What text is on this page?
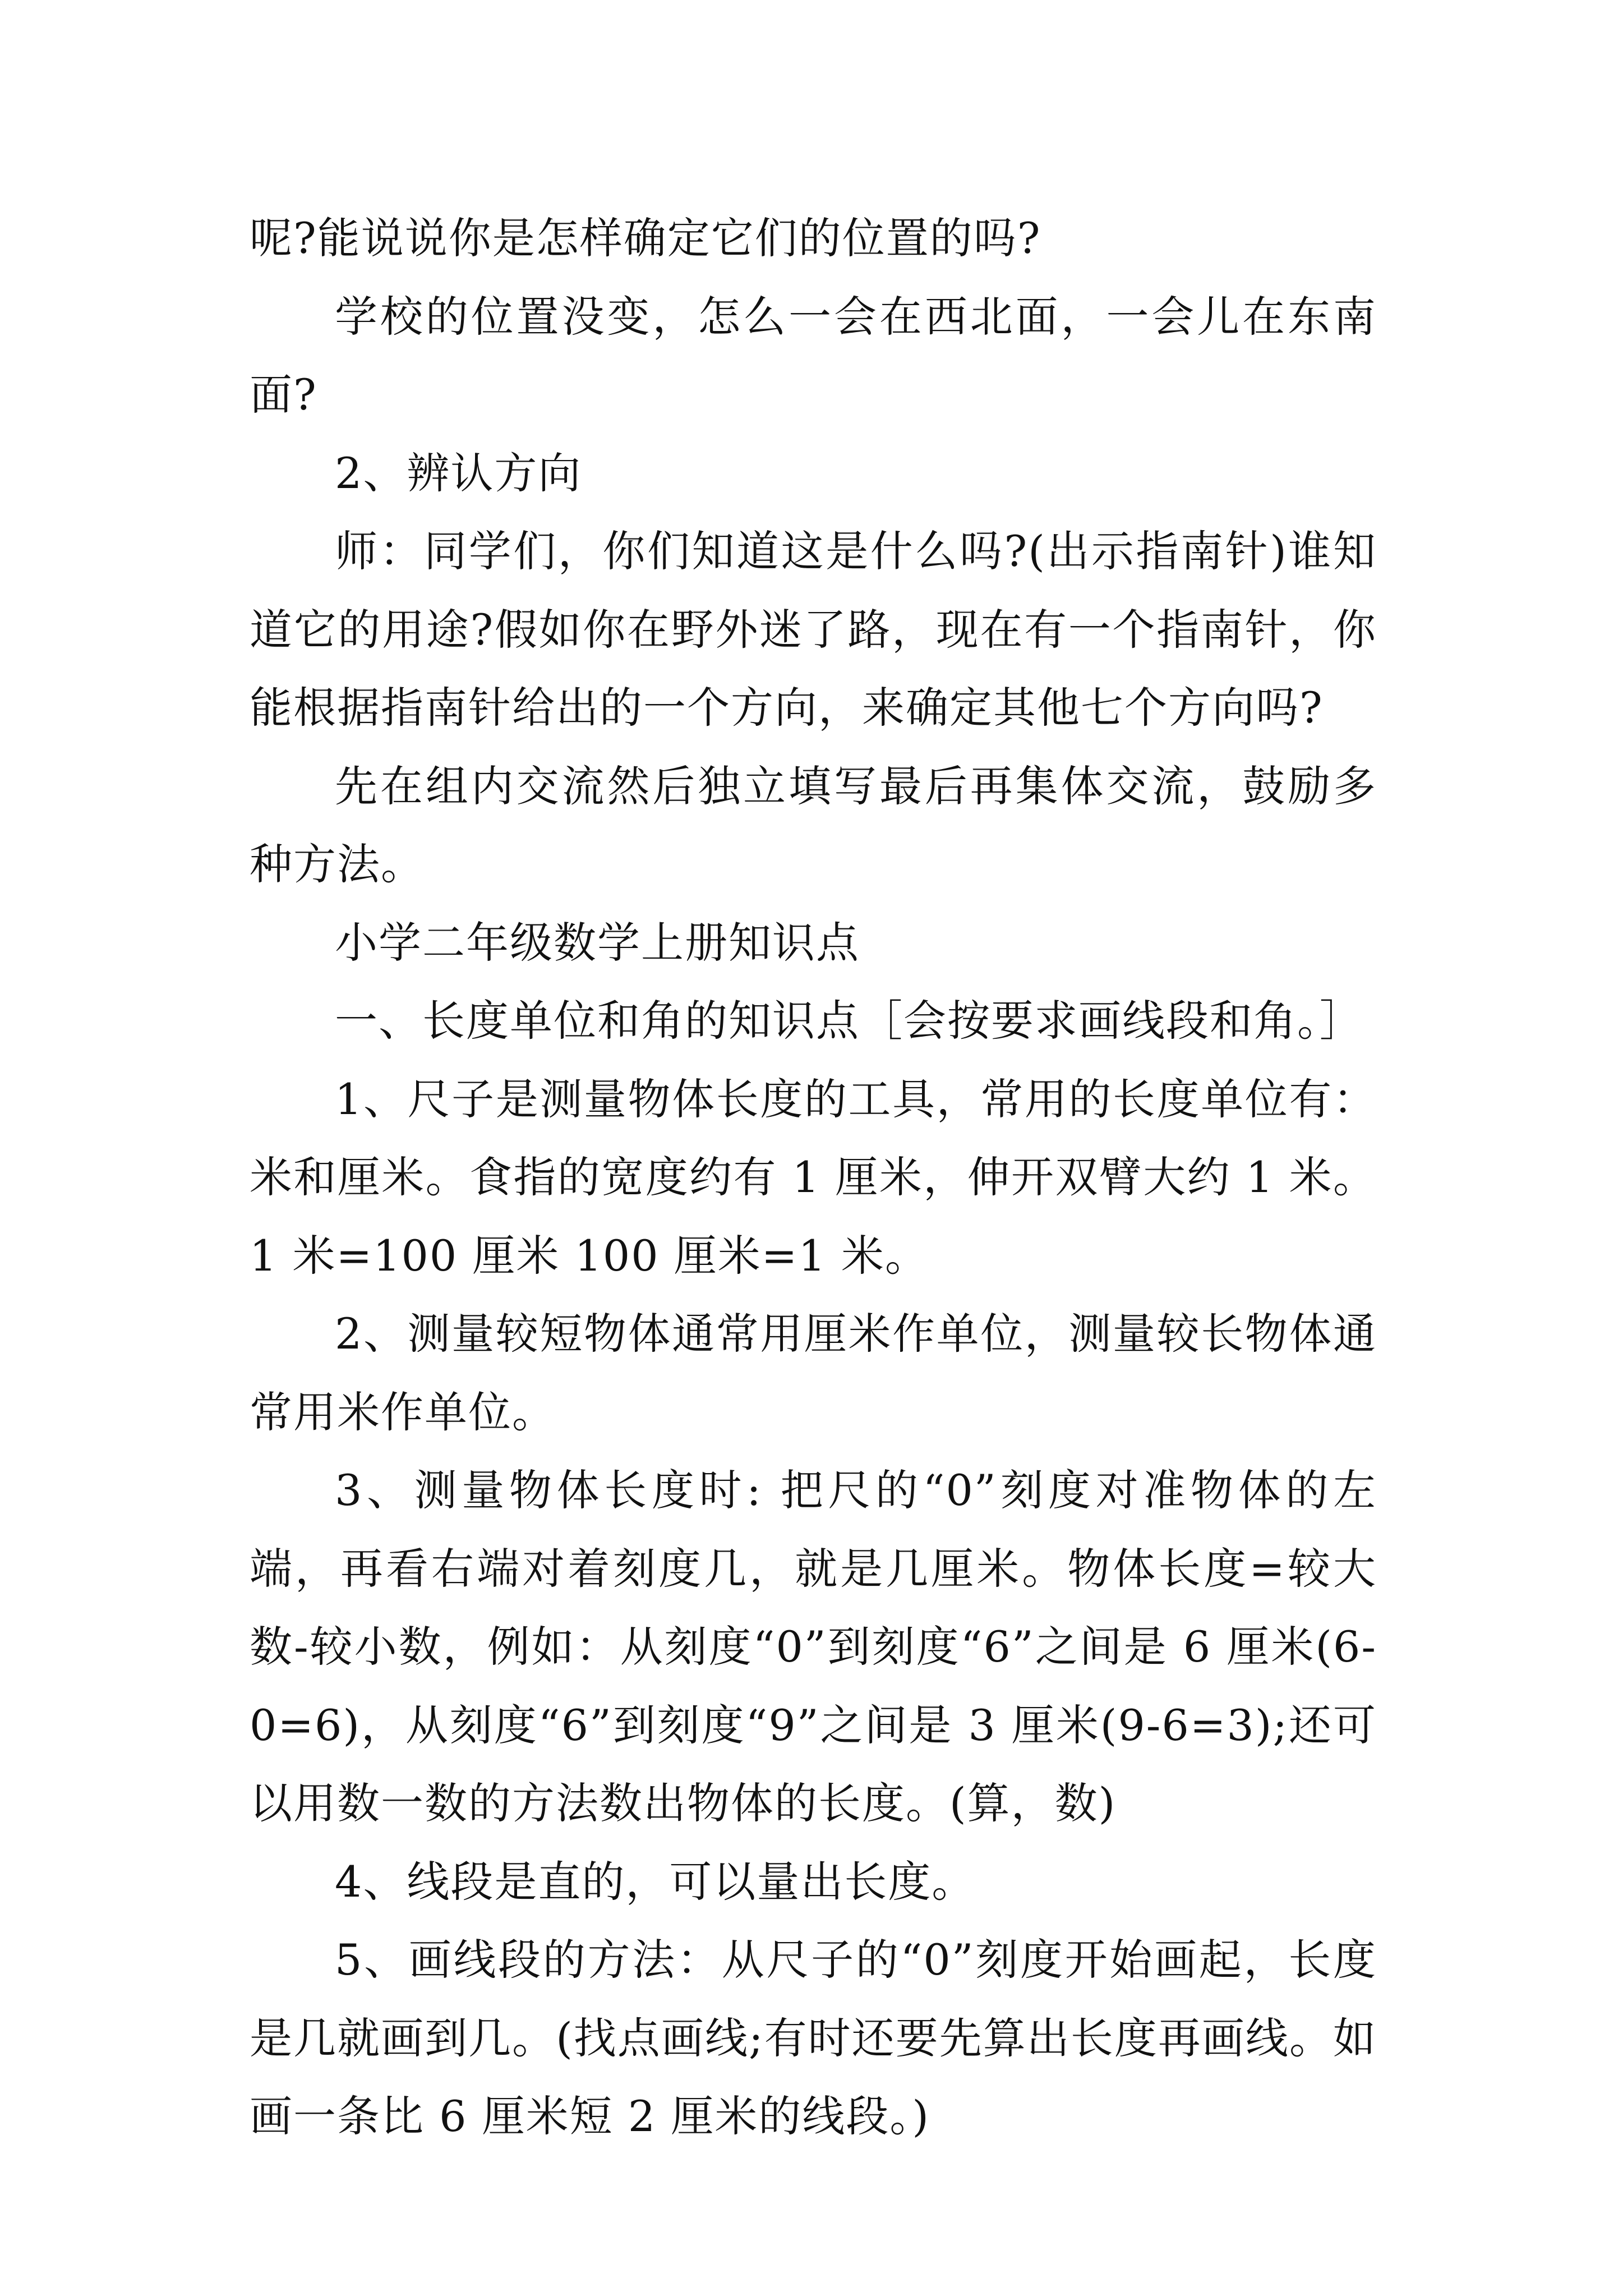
呢?能说说你是怎样确定它们的位置的吗?

学校的位置没变，怎么一会在西北面，一会儿在东南面?

2、辨认方向

师：同学们，你们知道这是什么吗?(出示指南针)谁知道它的用途?假如你在野外迷了路，现在有一个指南针，你能根据指南针给出的一个方向，来确定其他七个方向吗?

先在组内交流然后独立填写最后再集体交流，鼓励多种方法。

小学二年级数学上册知识点

一、长度单位和角的知识点［会按要求画线段和角。］

1、尺子是测量物体长度的工具，常用的长度单位有：米和厘米。食指的宽度约有 1 厘米，伸开双臂大约 1 米。1 米=100 厘米 100 厘米=1 米。

2、测量较短物体通常用厘米作单位，测量较长物体通常用米作单位。

3、测量物体长度时: 把尺的“0”刻度对准物体的左端，再看右端对着刻度几，就是几厘米。物体长度=较大数-较小数，例如：从刻度“0”到刻度“6”之间是 6 厘米(6-0=6)，从刻度“6”到刻度“9”之间是 3 厘米(9-6=3);还可以用数一数的方法数出物体的长度。(算，数)

4、线段是直的，可以量出长度。

5、画线段的方法：从尺子的“0”刻度开始画起，长度是几就画到几。(找点画线;有时还要先算出长度再画线。如画一条比 6 厘米短 2 厘米的线段。)
